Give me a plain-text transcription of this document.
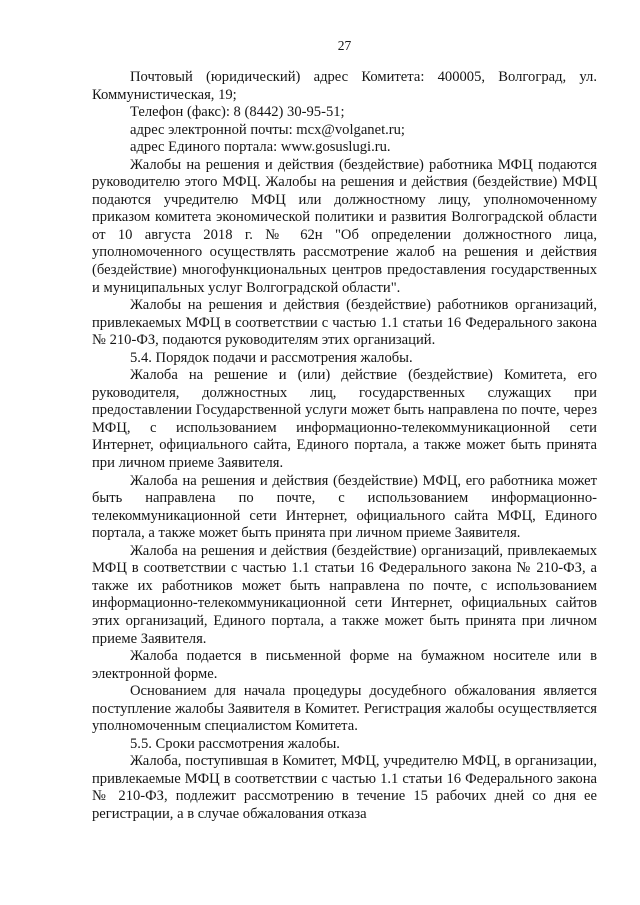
27

Почтовый (юридический) адрес Комитета: 400005, Волгоград, ул. Коммунистическая, 19;

Телефон (факс): 8 (8442) 30-95-51;

адрес электронной почты: mcx@volganet.ru;

адрес Единого портала: www.gosuslugi.ru.

Жалобы на решения и действия (бездействие) работника МФЦ подаются руководителю этого МФЦ. Жалобы на решения и действия (бездействие) МФЦ подаются учредителю МФЦ или должностному лицу, уполномоченному приказом комитета экономической политики и развития Волгоградской области от 10 августа 2018 г. № 62н "Об определении должностного лица, уполномоченного осуществлять рассмотрение жалоб на решения и действия (бездействие) многофункциональных центров предоставления государственных и муниципальных услуг Волгоградской области".

Жалобы на решения и действия (бездействие) работников организаций, привлекаемых МФЦ в соответствии с частью 1.1 статьи 16 Федерального закона № 210-ФЗ, подаются руководителям этих организаций.

5.4. Порядок подачи и рассмотрения жалобы.

Жалоба на решение и (или) действие (бездействие) Комитета, его руководителя, должностных лиц, государственных служащих при предоставлении Государственной услуги может быть направлена по почте, через МФЦ, с использованием информационно-телекоммуникационной сети Интернет, официального сайта, Единого портала, а также может быть принята при личном приеме Заявителя.

Жалоба на решения и действия (бездействие) МФЦ, его работника может быть направлена по почте, с использованием информационно-телекоммуникационной сети Интернет, официального сайта МФЦ, Единого портала, а также может быть принята при личном приеме Заявителя.

Жалоба на решения и действия (бездействие) организаций, привлекаемых МФЦ в соответствии с частью 1.1 статьи 16 Федерального закона № 210-ФЗ, а также их работников может быть направлена по почте, с использованием информационно-телекоммуникационной сети Интернет, официальных сайтов этих организаций, Единого портала, а также может быть принята при личном приеме Заявителя.

Жалоба подается в письменной форме на бумажном носителе или в электронной форме.

Основанием для начала процедуры досудебного обжалования является поступление жалобы Заявителя в Комитет. Регистрация жалобы осуществляется уполномоченным специалистом Комитета.

5.5. Сроки рассмотрения жалобы.

Жалоба, поступившая в Комитет, МФЦ, учредителю МФЦ, в организации, привлекаемые МФЦ в соответствии с частью 1.1 статьи 16 Федерального закона № 210-ФЗ, подлежит рассмотрению в течение 15 рабочих дней со дня ее регистрации, а в случае обжалования отказа
